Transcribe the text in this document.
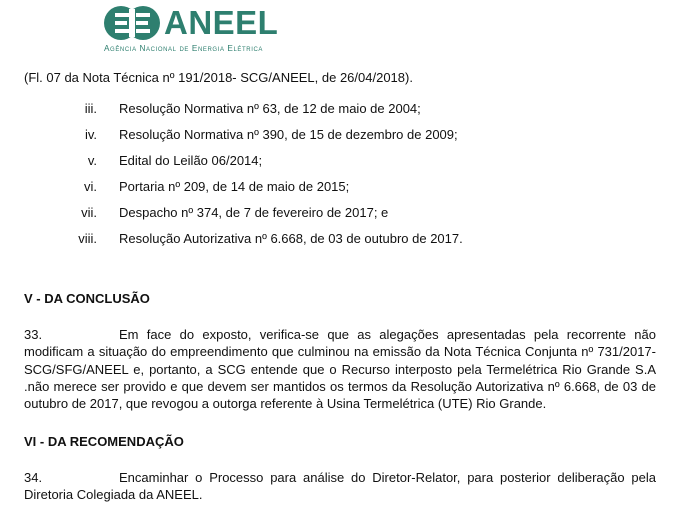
ANEEL
Agência Nacional de Energia Elétrica
(Fl. 07 da Nota Técnica nº 191/2018- SCG/ANEEL, de 26/04/2018).
iii. Resolução Normativa nº 63, de 12 de maio de 2004;
iv. Resolução Normativa nº 390, de 15 de dezembro de 2009;
v. Edital do Leilão 06/2014;
vi. Portaria nº 209, de 14 de maio de 2015;
vii. Despacho nº 374, de 7 de fevereiro de 2017; e
viii. Resolução Autorizativa nº 6.668, de 03 de outubro de 2017.
V - DA CONCLUSÃO
33.	Em face do exposto, verifica-se que as alegações apresentadas pela recorrente não modificam a situação do empreendimento que culminou na emissão da Nota Técnica Conjunta nº 731/2017-SCG/SFG/ANEEL e, portanto, a SCG entende que o Recurso interposto pela Termelétrica Rio Grande S.A .não merece ser provido e que devem ser mantidos os termos da Resolução Autorizativa nº 6.668, de 03 de outubro de 2017, que revogou a outorga referente à Usina Termelétrica (UTE) Rio Grande.
VI - DA RECOMENDAÇÃO
34.	Encaminhar o Processo para análise do Diretor-Relator, para posterior deliberação pela Diretoria Colegiada da ANEEL.
